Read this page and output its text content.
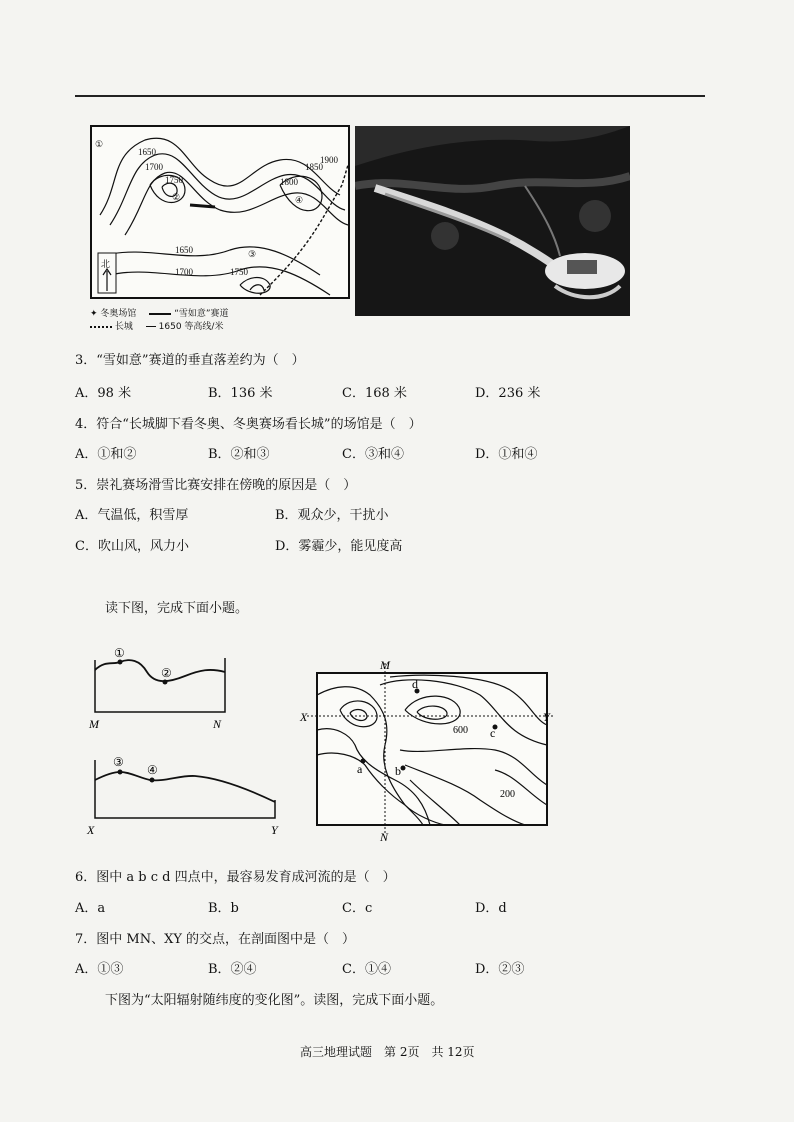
①
②
③
④
1650
1700
1750	1800
1850
1900
1650
1700	1750
北
✦ 冬奥场馆	“雪如意”赛道
长城	1650 等高线/米
3．“雪如意”赛道的垂直落差约为（　）
A．98 米	B．136 米	C．168 米	D．236 米
4．符合“长城脚下看冬奥、冬奥赛场看长城”的场馆是（　）
A．①和②	B．②和③	C．③和④	D．①和④
5．崇礼赛场滑雪比赛安排在傍晚的原因是（　）
A．气温低，积雪厚	B．观众少，干扰小
C．吹山风，风力小	D．雾霾少，能见度高
读下图，完成下面小题。
①
②
M	N
③
④
X	Y
M
N
X	Y
a	b
c
d
600
200
6．图中 a b c d 四点中，最容易发育成河流的是（　）
A．a	B．b	C．c	D．d
7．图中 MN、XY 的交点，在剖面图中是（　）
A．①③	B．②④	C．①④	D．②③
下图为“太阳辐射随纬度的变化图”。读图，完成下面小题。
高三地理试题　第 2页　共 12页
